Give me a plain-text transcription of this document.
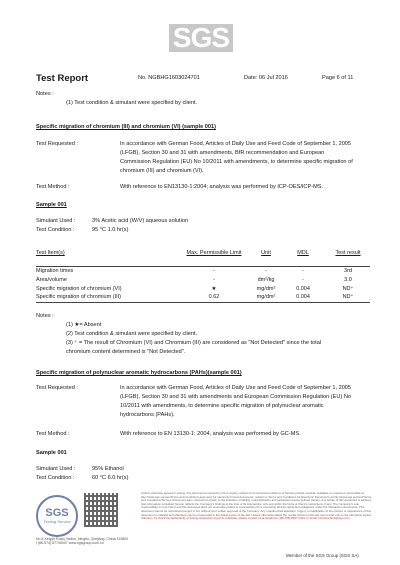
SGS
Test Report	No. NGBHG1603024701	Date: 06 Jul 2016	Page 6 of 11
Notes :
(1) Test condition & simulant were specified by client.
Specific migration of chromium (III) and chromium (VI) (sample 001)
Test Requested :	In accordance with German Food, Articles of Daily Use and Feed Code of September 1, 2005
(LFGB), Section 30 and 31 with amendments, BfR recommendation and European
Commission Regulation (EU) No 10/2011 with amendments, to determine specific migration of
chromium (III) and chromium (VI).
Test Method :	With reference to EN13130-1:2004; analysis was performed by ICP-OES/ICP-MS.
Sample 001
Simulant Used :	3% Acetic acid (W/V) aqueous solution
Test Condition :	95 °C 1.0 hr(s)
Test Item(s)	Max. Permissible Limit	Unit	MDL	Test result
Migration times	-	-	-	3rd
Area/volume	-	dm²/kg	-	3.0
Specific migration of chromium (VI)	★	mg/dm²	0.004	ND⁺
Specific migration of chromium (III)	0.62	mg/dm²	0.004	ND⁺
Notes :
(1) ★= Absent
(2) Test condition & simulant were specified by client.
(3) ⁺ = The result of Chromium (VI) and Chromium (III) are considered as "Not Detected" since the total
chromium content determined is "Not Detected".
Specific migration of polynuclear aromatic hydrocarbons (PAHs)(sample 001)
Test Requested :	In accordance with German Food, Articles of Daily Use and Feed Code of September 1, 2005
(LFGB), Section 30 and 31 with amendments and European Commission Regulation (EU) No
10/2011 with amendments, to determine specific migration of polynuclear aromatic
hydrocarbons (PAHs).
Test Method :	With reference to EN 13130-1: 2004, analysis was performed by GC-MS.
Sample 001
Simulant Used :	95% Ethanol
Test Condition :	60 °C 6.0 hr(s)
SGS
Testing Service
Unless otherwise agreed in writing, this document is issued by the Company subject to its General Conditions of Service printed overleaf, available on request or accessible at http://www.sgs.com/en/Terms-and-Conditions.aspx and, for electronic format documents, subject to Terms and Conditions for Electronic Documents at http://www.sgs.com/en/Terms-and-Conditions/Terms-e-Document.aspx. Attention is drawn to the limitation of liability, indemnification and jurisdiction issues defined therein. Any holder of this document is advised that information contained hereon reflects the Company's findings at the time of its intervention only and within the limits of Client's instructions, if any. The Company's sole responsibility is to its Client and this document does not exonerate parties to a transaction from exercising all their rights and obligations under the transaction documents. This document cannot be reproduced except in full, without prior written approval of the Company. Any unauthorized alteration, forgery or falsification of the content or appearance of this document is unlawful and offenders may be prosecuted to the fullest extent of the law. Unless otherwise stated the results shown in this test report refer only to the sample(s) tested. Attention: To check the authenticity of testing /inspection report & certificate, please contact us at telephone: (86-755) 8307 1443, or email: CN.Doccheck@sgs.com
No.8 Xingye Road, Beilun, Ningbo, Zhejiang, China 315800
t (86-574) 87706907 www.sgsgroup.com.cn
Member of the SGS Group (SGS SA)
